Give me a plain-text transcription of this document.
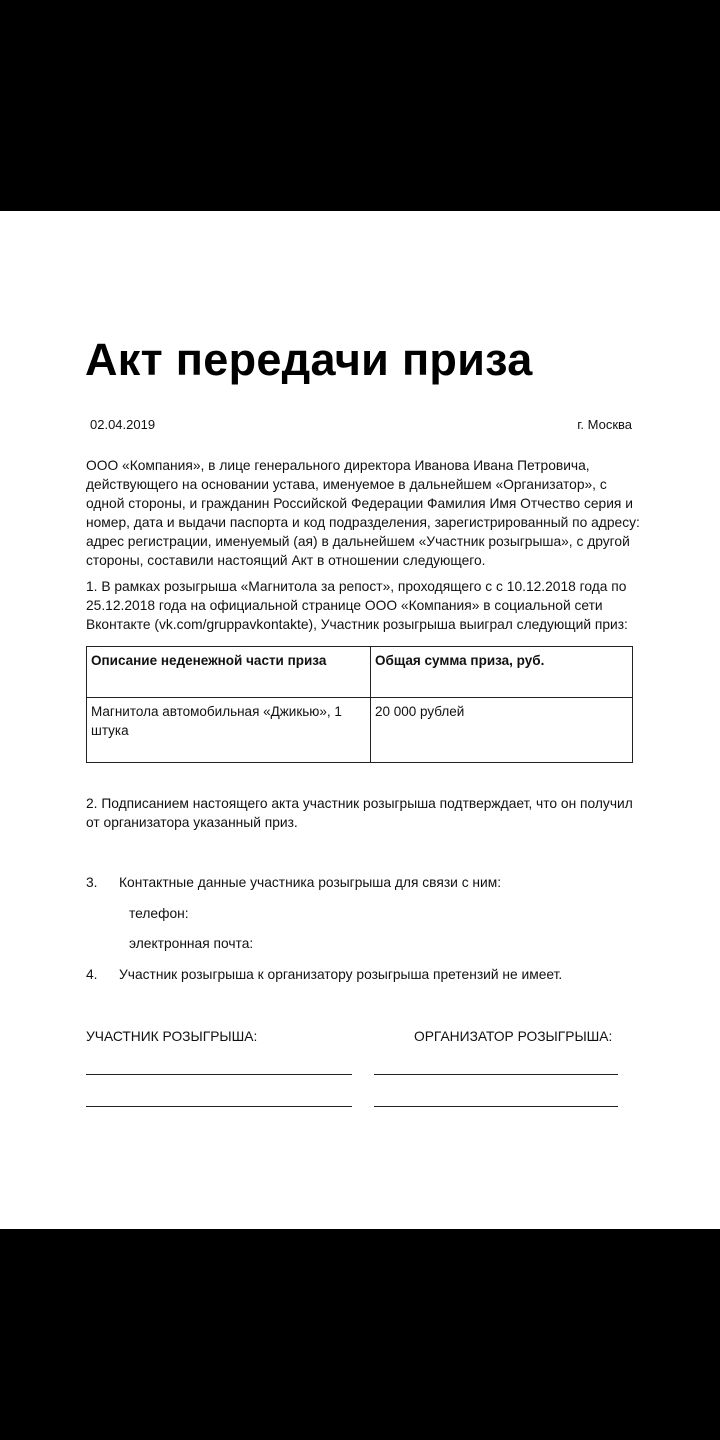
Акт передачи приза
02.04.2019	г. Москва
ООО «Компания», в лице генерального директора Иванова Ивана Петровича, действующего на основании устава, именуемое в дальнейшем «Организатор», с одной стороны, и гражданин Российской Федерации Фамилия Имя Отчество серия и номер, дата и выдачи паспорта и код подразделения, зарегистрированный по адресу: адрес регистрации, именуемый (ая) в дальнейшем «Участник розыгрыша», с другой стороны, составили настоящий Акт в отношении следующего.
1. В рамках розыгрыша «Магнитола за репост», проходящего с с 10.12.2018 года по 25.12.2018 года на официальной странице ООО «Компания» в социальной сети Вконтакте (vk.com/gruppavkontakte), Участник розыгрыша выиграл следующий приз:
Описание неденежной части приза	Общая сумма приза, руб.
Магнитола автомобильная «Джикью», 1 штука	20 000 рублей
2. Подписанием настоящего акта участник розыгрыша подтверждает, что он получил от организатора указанный приз.
3. Контактные данные участника розыгрыша для связи с ним:
телефон:
электронная почта:
4. Участник розыгрыша к организатору розыгрыша претензий не имеет.
УЧАСТНИК РОЗЫГРЫША:	ОРГАНИЗАТОР РОЗЫГРЫША:
